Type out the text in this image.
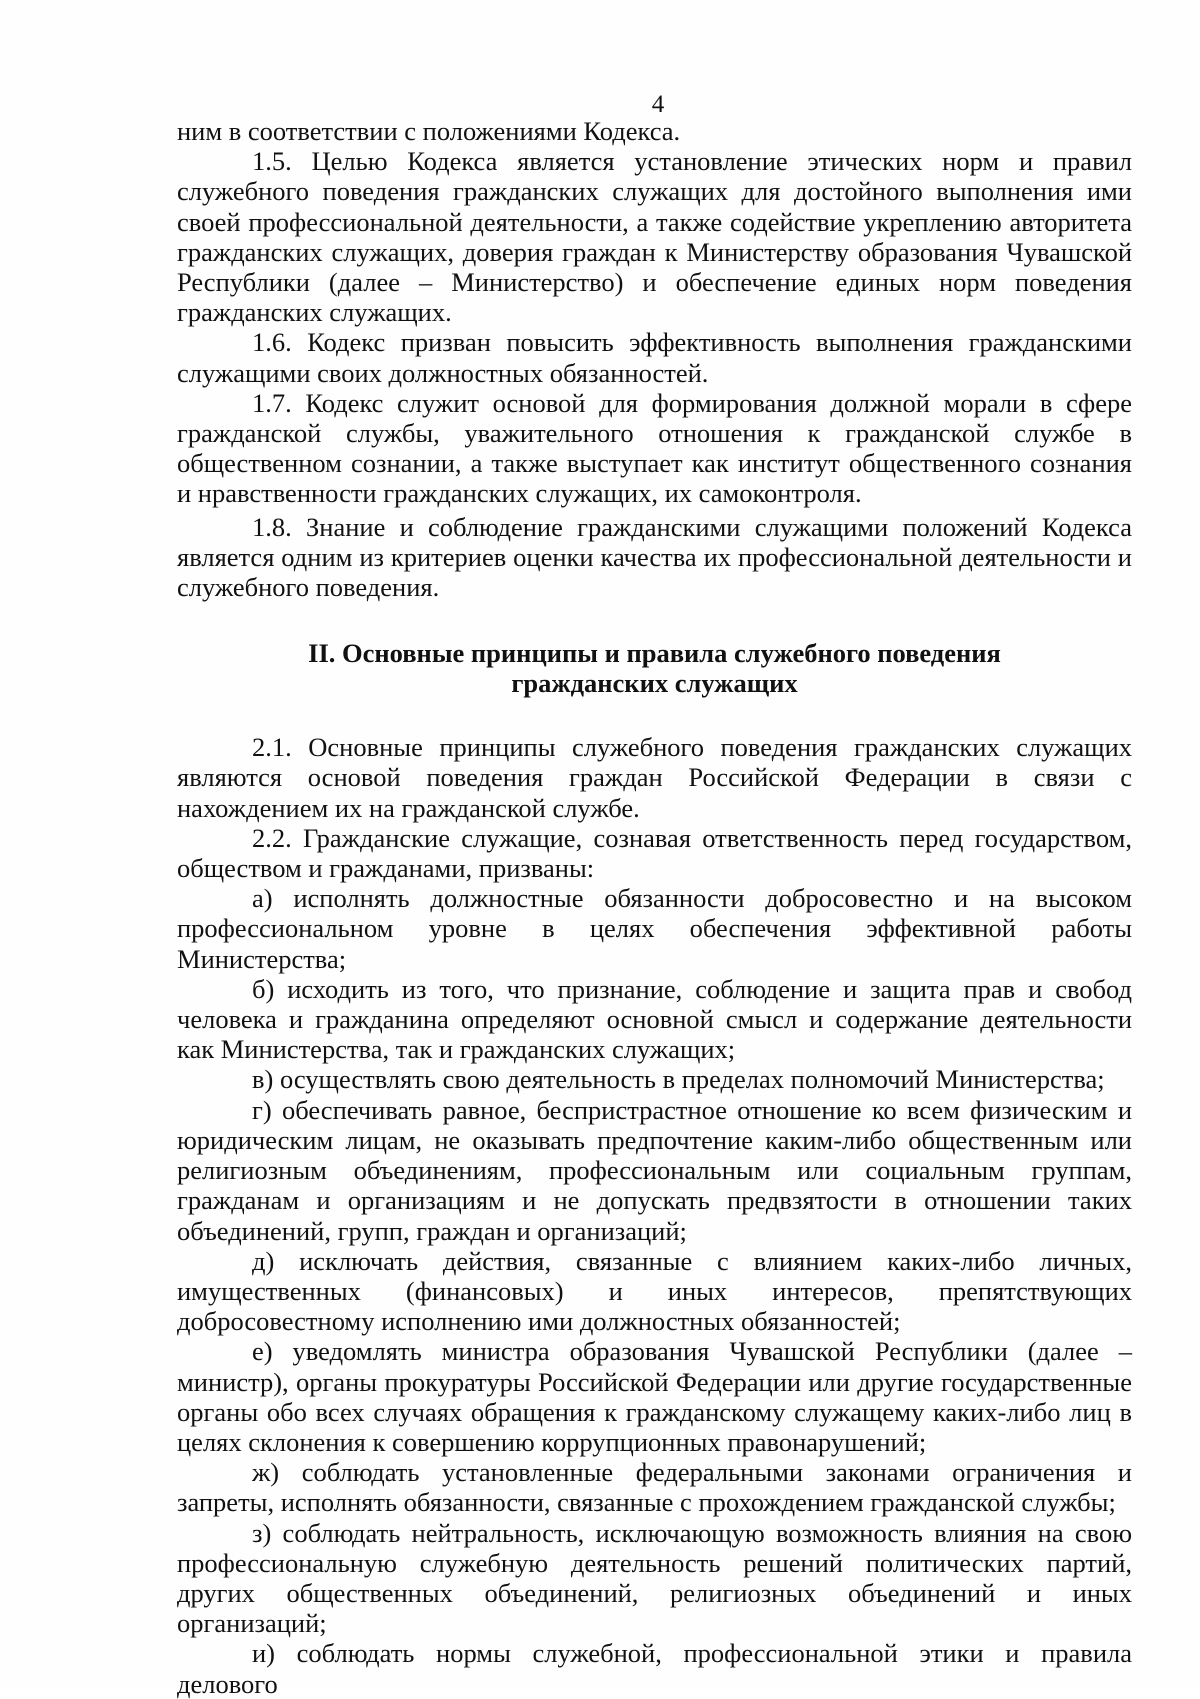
4

ним в соответствии с положениями Кодекса.

1.5. Целью Кодекса является установление этических норм и правил служебного поведения гражданских служащих для достойного выполнения ими своей профессиональной деятельности, а также содействие укреплению авторитета гражданских служащих, доверия граждан к Министерству образования Чувашской Республики (далее – Министерство) и обеспечение единых норм поведения гражданских служащих.

1.6. Кодекс призван повысить эффективность выполнения гражданскими служащими своих должностных обязанностей.

1.7. Кодекс служит основой для формирования должной морали в сфере гражданской службы, уважительного отношения к гражданской службе в общественном сознании, а также выступает как институт общественного сознания и нравственности гражданских служащих, их самоконтроля.

1.8. Знание и соблюдение гражданскими служащими положений Кодекса является одним из критериев оценки качества их профессиональной деятельности и служебного поведения.

II. Основные принципы и правила служебного поведения
гражданских служащих

2.1. Основные принципы служебного поведения гражданских служащих являются основой поведения граждан Российской Федерации в связи с нахождением их на гражданской службе.

2.2. Гражданские служащие, сознавая ответственность перед государством, обществом и гражданами, призваны:

а) исполнять должностные обязанности добросовестно и на высоком профессиональном уровне в целях обеспечения эффективной работы Министерства;

б) исходить из того, что признание, соблюдение и защита прав и свобод человека и гражданина определяют основной смысл и содержание деятельности как Министерства, так и гражданских служащих;

в) осуществлять свою деятельность в пределах полномочий Министерства;

г) обеспечивать равное, беспристрастное отношение ко всем физическим и юридическим лицам, не оказывать предпочтение каким-либо общественным или религиозным объединениям, профессиональным или социальным группам, гражданам и организациям и не допускать предвзятости в отношении таких объединений, групп, граждан и организаций;

д) исключать действия, связанные с влиянием каких-либо личных, имущественных (финансовых) и иных интересов, препятствующих добросовестному исполнению ими должностных обязанностей;

е) уведомлять министра образования Чувашской Республики (далее – министр), органы прокуратуры Российской Федерации или другие государственные органы обо всех случаях обращения к гражданскому служащему каких-либо лиц в целях склонения к совершению коррупционных правонарушений;

ж) соблюдать установленные федеральными законами ограничения и запреты, исполнять обязанности, связанные с прохождением гражданской службы;

з) соблюдать нейтральность, исключающую возможность влияния на свою профессиональную служебную деятельность решений политических партий, других общественных объединений, религиозных объединений и иных организаций;

и) соблюдать нормы служебной, профессиональной этики и правила делового
